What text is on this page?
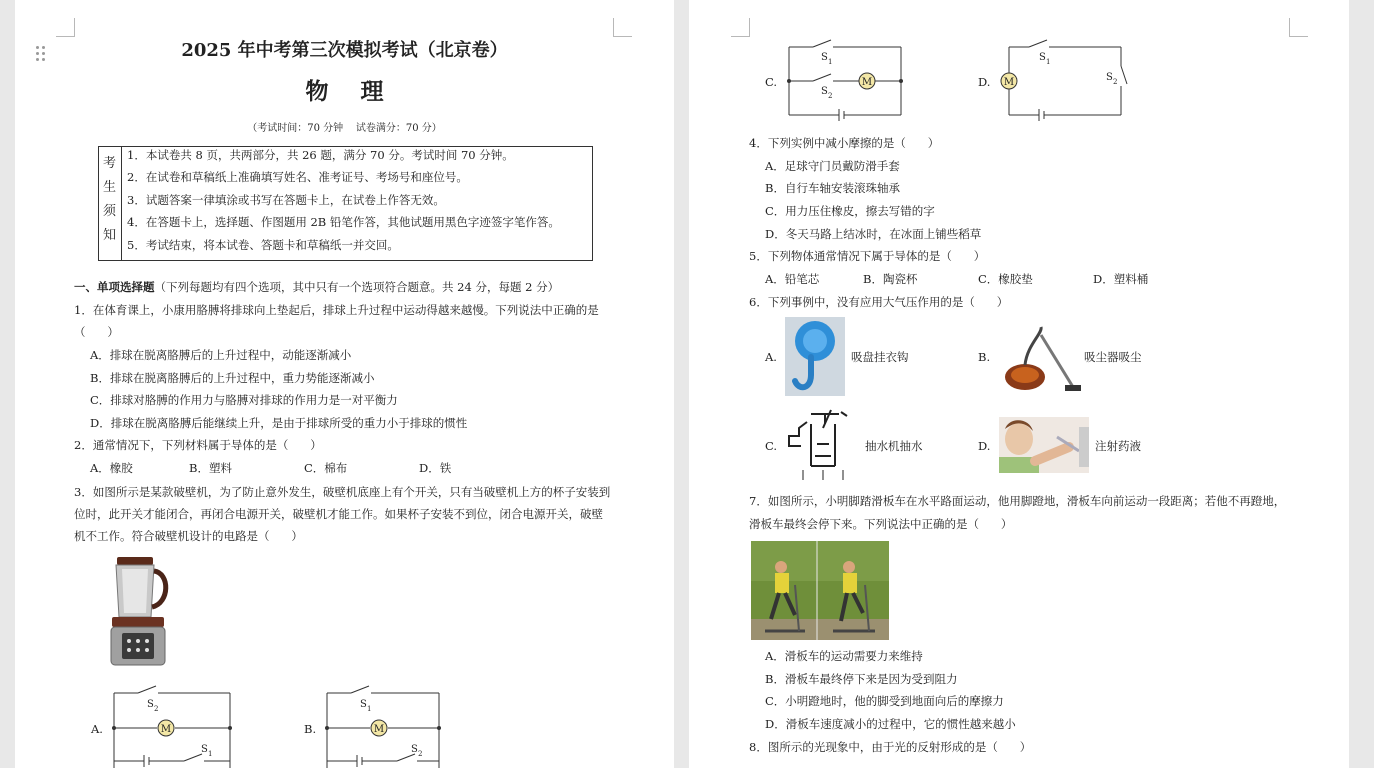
2025 年中考第三次模拟考试（北京卷）
物    理
（考试时间：70 分钟    试卷满分：70 分）
考
生
须
知
1．本试卷共 8 页，共两部分，共 26 题，满分 70 分。考试时间 70 分钟。
2．在试卷和草稿纸上准确填写姓名、准考证号、考场号和座位号。
3．试题答案一律填涂或书写在答题卡上，在试卷上作答无效。
4．在答题卡上，选择题、作图题用 2B 铅笔作答，其他试题用黑色字迹签字笔作答。
5．考试结束，将本试卷、答题卡和草稿纸一并交回。
一、单项选择题（下列每题均有四个选项，其中只有一个选项符合题意。共 24 分，每题 2 分）
1．在体育课上，小康用胳膊将排球向上垫起后，排球上升过程中运动得越来越慢。下列说法中正确的是
（      ）
A．排球在脱离胳膊后的上升过程中，动能逐渐减小
B．排球在脱离胳膊后的上升过程中，重力势能逐渐减小
C．排球对胳膊的作用力与胳膊对排球的作用力是一对平衡力
D．排球在脱离胳膊后能继续上升，是由于排球所受的重力小于排球的惯性
2．通常情况下，下列材料属于导体的是（      ）
A．橡胶	B．塑料	C．棉布	D．铁
3．如图所示是某款破壁机，为了防止意外发生，破壁机底座上有个开关，只有当破壁机上方的杯子安装到
位时，此开关才能闭合，再闭合电源开关，破壁机才能工作。如果杯子安装不到位，闭合电源开关，破壁
机不工作。符合破壁机设计的电路是（      ）
A.	M
S 2
S 1
B.	M
S 1
S 2
C.	M
S 1
S 2
D. M
S 1
S 2
4．下列实例中减小摩擦的是（      ）
A．足球守门员戴防滑手套
B．自行车轴安装滚珠轴承
C．用力压住橡皮，擦去写错的字
D．冬天马路上结冰时，在冰面上铺些稻草
5．下列物体通常情况下属于导体的是（      ）
A．铅笔芯	B．陶瓷杯	C．橡胶垫	D．塑料桶
6．下列事例中，没有应用大气压作用的是（      ）
A.	吸盘挂衣钩	B.	吸尘器吸尘
C.	抽水机抽水	D.	注射药液
7．如图所示，小明脚踏滑板车在水平路面运动，他用脚蹬地，滑板车向前运动一段距离；若他不再蹬地，
滑板车最终会停下来。下列说法中正确的是（      ）
A．滑板车的运动需要力来维持
B．滑板车最终停下来是因为受到阻力
C．小明蹬地时，他的脚受到地面向后的摩擦力
D．滑板车速度减小的过程中，它的惯性越来越小
8．图所示的光现象中，由于光的反射形成的是（      ）
